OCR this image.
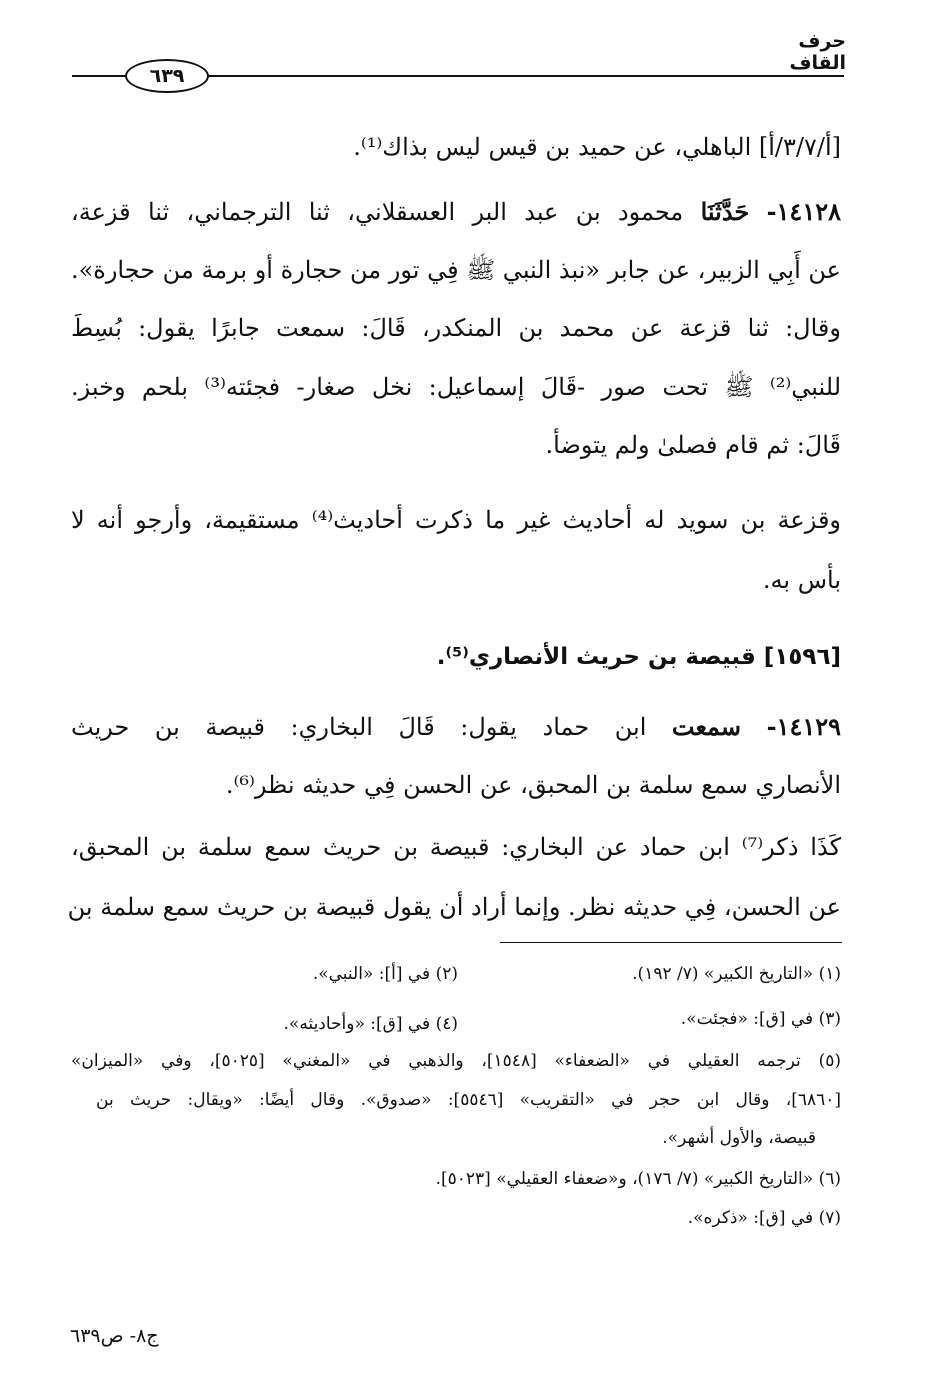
حرف القاف
٦٣٩
[أ/٣/٧/أ] الباهلي، عن حميد بن قيس ليس بذاك⁽¹⁾.
١٤١٢٨- حَدَّثَنَا محمود بن عبد البر العسقلاني، ثنا الترجماني، ثنا قزعة،
عن أَبِي الزبير، عن جابر «نبذ النبي ﷺ فِي تور من حجارة أو برمة من حجارة».
وقال: ثنا قزعة عن محمد بن المنكدر، قَالَ: سمعت جابرًا يقول: بُسِطَ
للنبي⁽²⁾ ﷺ تحت صور -قَالَ إسماعيل: نخل صغار- فجئته⁽³⁾ بلحم وخبز.
قَالَ: ثم قام فصلىٰ ولم يتوضأ.
وقزعة بن سويد له أحاديث غير ما ذكرت أحاديث⁽⁴⁾ مستقيمة، وأرجو أنه لا
بأس به.
[١٥٩٦] قبيصة بن حريث الأنصاري⁽⁵⁾.
١٤١٢٩- سمعت ابن حماد يقول: قَالَ البخاري: قبيصة بن حريث
الأنصاري سمع سلمة بن المحبق، عن الحسن فِي حديثه نظر⁽⁶⁾.
كَذَا ذكر⁽⁷⁾ ابن حماد عن البخاري: قبيصة بن حريث سمع سلمة بن المحبق،
عن الحسن، فِي حديثه نظر. وإنما أراد أن يقول قبيصة بن حريث سمع سلمة بن
(١) «التاريخ الكبير» (٧/ ١٩٢).
(٢) في [أ]: «النبي».
(٣) في [ق]: «فجئت».
(٤) في [ق]: «وأحاديثه».
(٥) ترجمه العقيلي في «الضعفاء» [١٥٤٨]، والذهبي في «المغني» [٥٠٢٥]، وفي «الميزان»
[٦٨٦٠]، وقال ابن حجر في «التقريب» [٥٥٤٦]: «صدوق». وقال أيضًا: «ويقال: حريث بن
قبيصة، والأول أشهر».
(٦) «التاريخ الكبير» (٧/ ١٧٦)، و«ضعفاء العقيلي» [٥٠٢٣].
(٧) في [ق]: «ذكره».
ج٨- ص٦٣٩
